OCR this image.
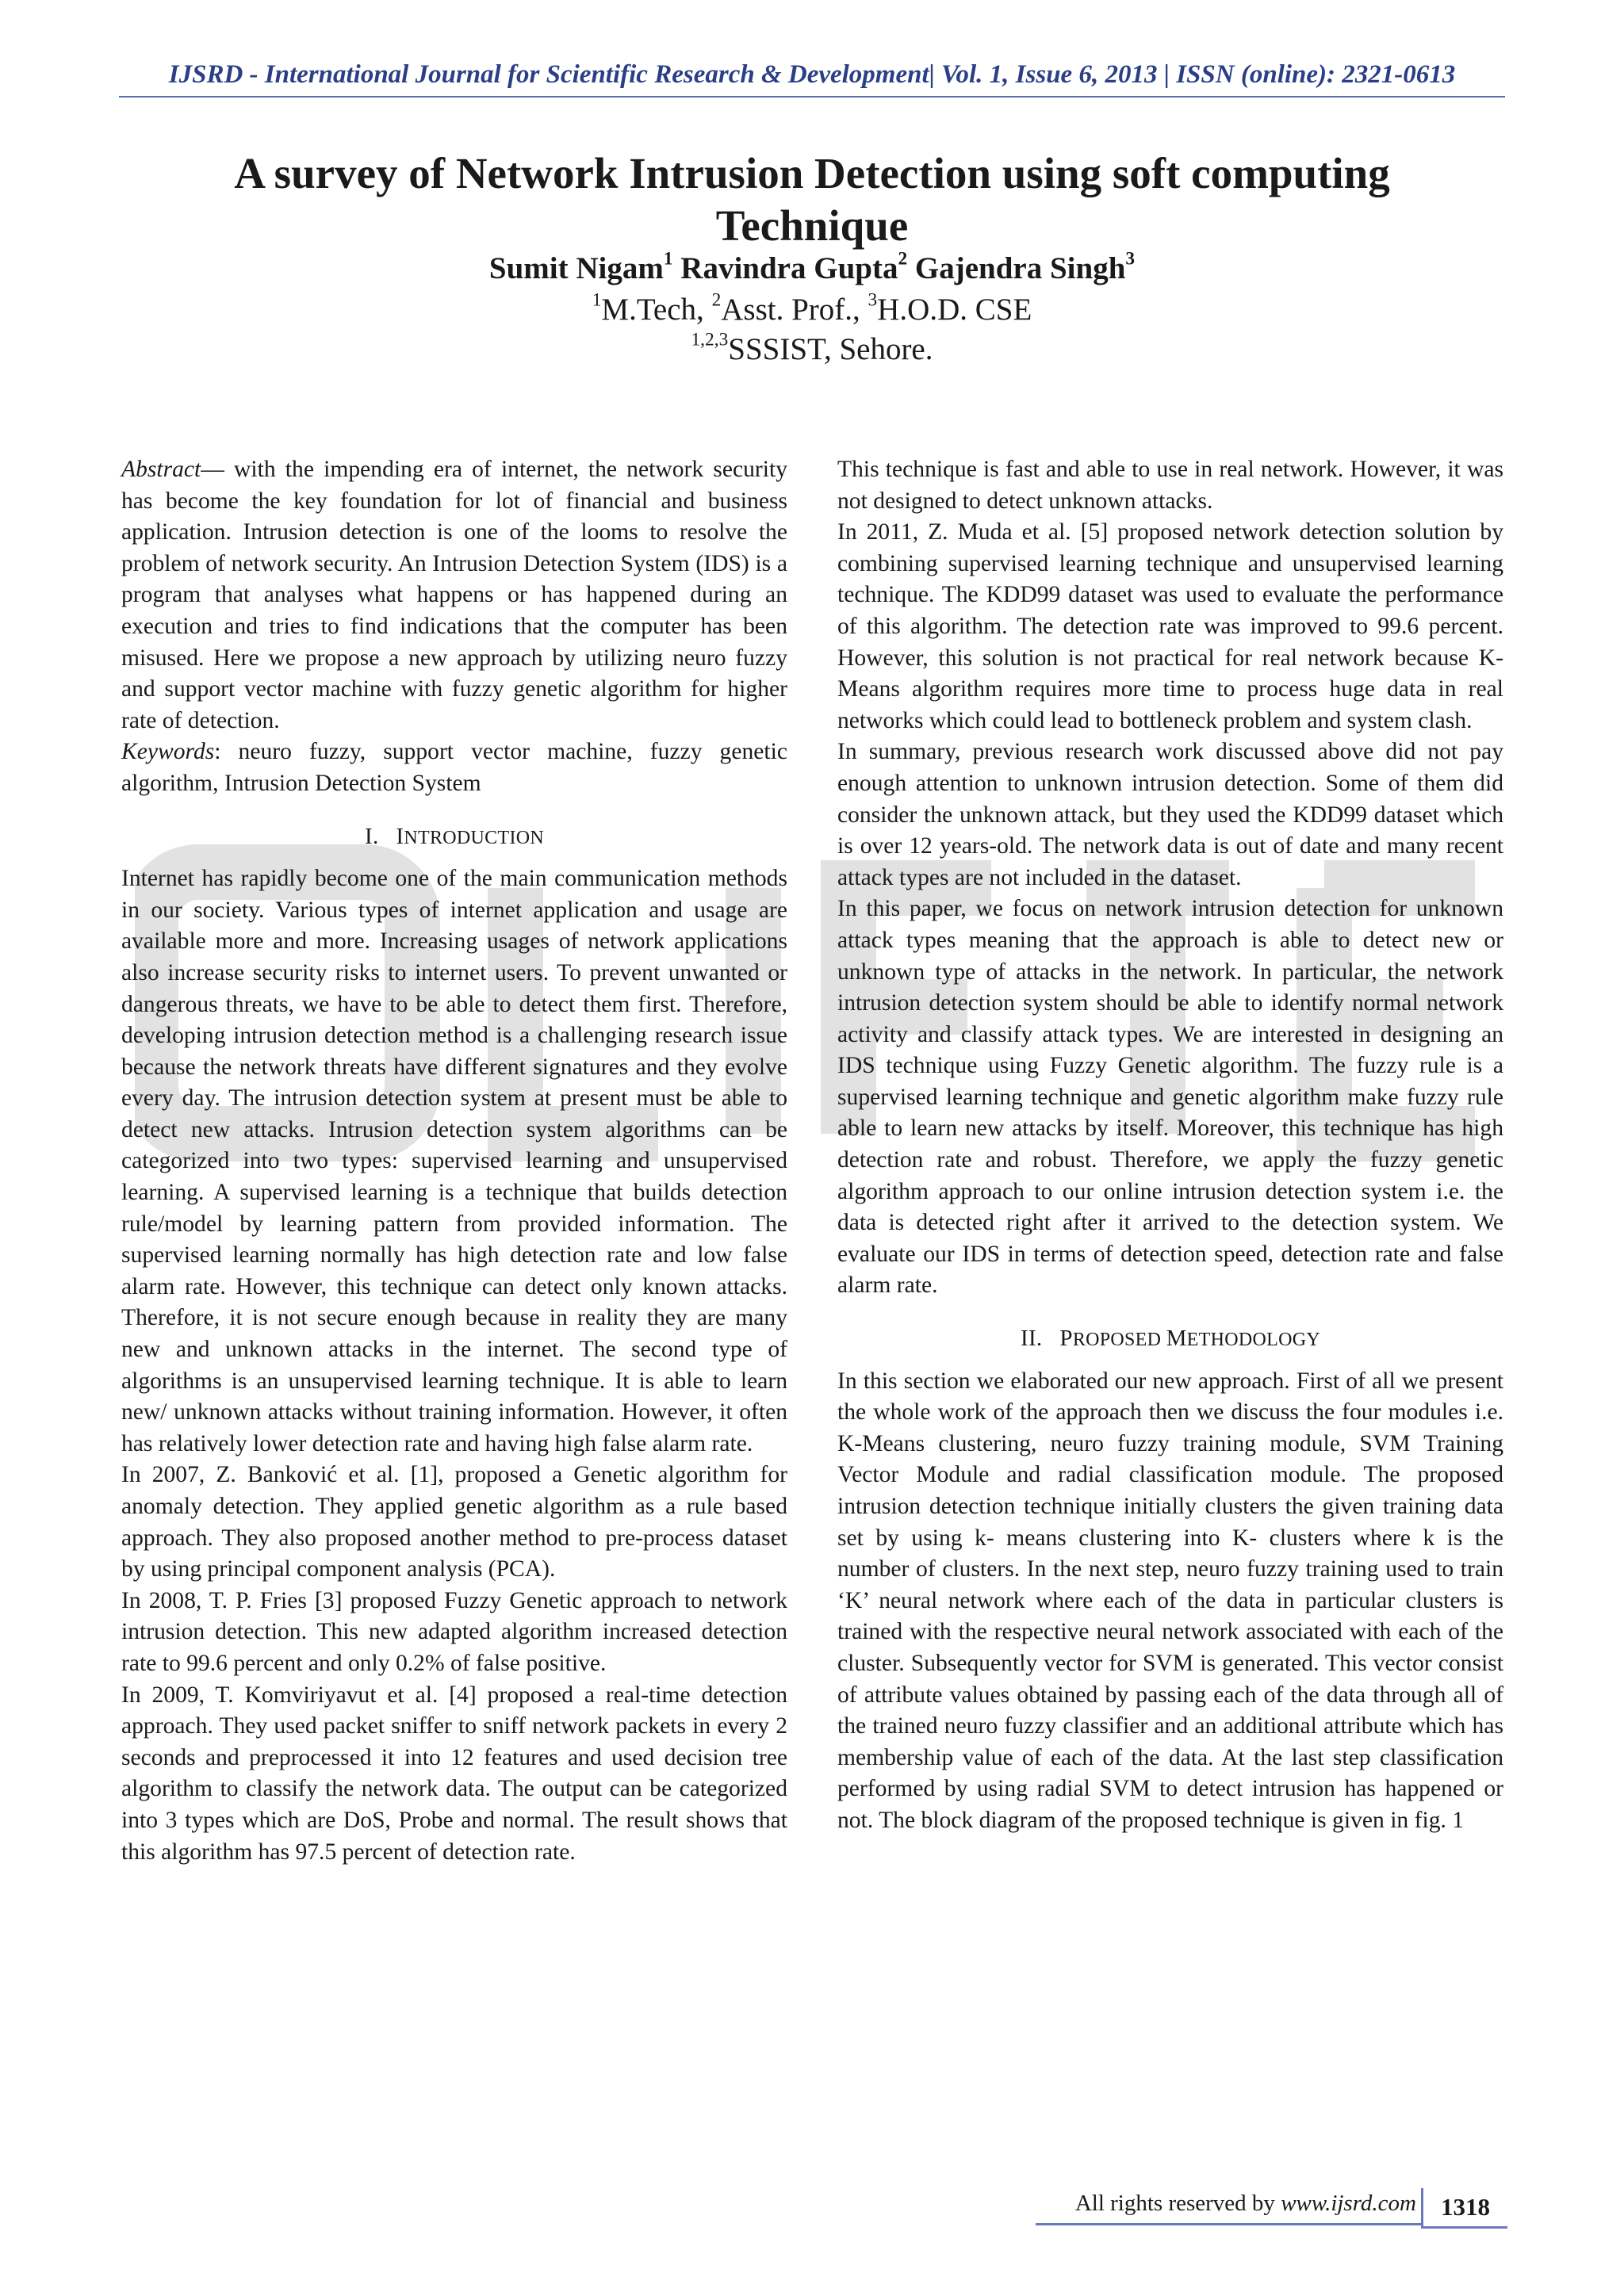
IJSRD - International Journal for Scientific Research & Development| Vol. 1, Issue 6, 2013 | ISSN (online): 2321-0613
A survey of Network Intrusion Detection using soft computing
Technique
Sumit Nigam$^1$ Ravindra Gupta$^2$ Gajendra Singh$^3$
$^1$M.Tech, $^2$Asst. Prof., $^3$H.O.D. CSE
$^{1,2,3}$SSSIST, Sehore.

Abstract— with the impending era of internet, the network security has become the key foundation for lot of financial and business application. Intrusion detection is one of the looms to resolve the problem of network security. An Intrusion Detection System (IDS) is a program that analyses what happens or has happened during an execution and tries to find indications that the computer has been misused. Here we propose a new approach by utilizing neuro fuzzy and support vector machine with fuzzy genetic algorithm for higher rate of detection.

Keywords: neuro fuzzy, support vector machine, fuzzy genetic algorithm, Intrusion Detection System

I. INTRODUCTION

Internet has rapidly become one of the main communication methods in our society. Various types of internet application and usage are available more and more. Increasing usages of network applications also increase security risks to internet users. To prevent unwanted or dangerous threats, we have to be able to detect them first. Therefore, developing intrusion detection method is a challenging research issue because the network threats have different signatures and they evolve every day. The intrusion detection system at present must be able to detect new attacks. Intrusion detection system algorithms can be categorized into two types: supervised learning and unsupervised learning. A supervised learning is a technique that builds detection rule/model by learning pattern from provided information. The supervised learning normally has high detection rate and low false alarm rate. However, this technique can detect only known attacks. Therefore, it is not secure enough because in reality they are many new and unknown attacks in the internet. The second type of algorithms is an unsupervised learning technique. It is able to learn new/ unknown attacks without training information. However, it often has relatively lower detection rate and having high false alarm rate.

In 2007, Z. Banković et al. [1], proposed a Genetic algorithm for anomaly detection. They applied genetic algorithm as a rule based approach. They also proposed another method to pre-process dataset by using principal component analysis (PCA).

In 2008, T. P. Fries [3] proposed Fuzzy Genetic approach to network intrusion detection. This new adapted algorithm increased detection rate to 99.6 percent and only 0.2% of false positive.

In 2009, T. Komviriyavut et al. [4] proposed a real-time detection approach. They used packet sniffer to sniff network packets in every 2 seconds and preprocessed it into 12 features and used decision tree algorithm to classify the network data. The output can be categorized into 3 types which are DoS, Probe and normal. The result shows that this algorithm has 97.5 percent of detection rate.

This technique is fast and able to use in real network. However, it was not designed to detect unknown attacks.

In 2011, Z. Muda et al. [5] proposed network detection solution by combining supervised learning technique and unsupervised learning technique. The KDD99 dataset was used to evaluate the performance of this algorithm. The detection rate was improved to 99.6 percent. However, this solution is not practical for real network because K-Means algorithm requires more time to process huge data in real networks which could lead to bottleneck problem and system clash.

In summary, previous research work discussed above did not pay enough attention to unknown intrusion detection. Some of them did consider the unknown attack, but they used the KDD99 dataset which is over 12 years-old. The network data is out of date and many recent attack types are not included in the dataset.

In this paper, we focus on network intrusion detection for unknown attack types meaning that the approach is able to detect new or unknown type of attacks in the network. In particular, the network intrusion detection system should be able to identify normal network activity and classify attack types. We are interested in designing an IDS technique using Fuzzy Genetic algorithm. The fuzzy rule is a supervised learning technique and genetic algorithm make fuzzy rule able to learn new attacks by itself. Moreover, this technique has high detection rate and robust. Therefore, we apply the fuzzy genetic algorithm approach to our online intrusion detection system i.e. the data is detected right after it arrived to the detection system. We evaluate our IDS in terms of detection speed, detection rate and false alarm rate.

II. PROPOSED METHODOLOGY

In this section we elaborated our new approach. First of all we present the whole work of the approach then we discuss the four modules i.e. K-Means clustering, neuro fuzzy training module, SVM Training Vector Module and radial classification module. The proposed intrusion detection technique initially clusters the given training data set by using k- means clustering into K- clusters where k is the number of clusters. In the next step, neuro fuzzy training used to train ‘K’ neural network where each of the data in particular clusters is trained with the respective neural network associated with each of the cluster. Subsequently vector for SVM is generated. This vector consist of attribute values obtained by passing each of the data through all of the trained neuro fuzzy classifier and an additional attribute which has membership value of each of the data. At the last step classification performed by using radial SVM to detect intrusion has happened or not. The block diagram of the proposed technique is given in fig. 1

All rights reserved by www.ijsrd.com	1318
